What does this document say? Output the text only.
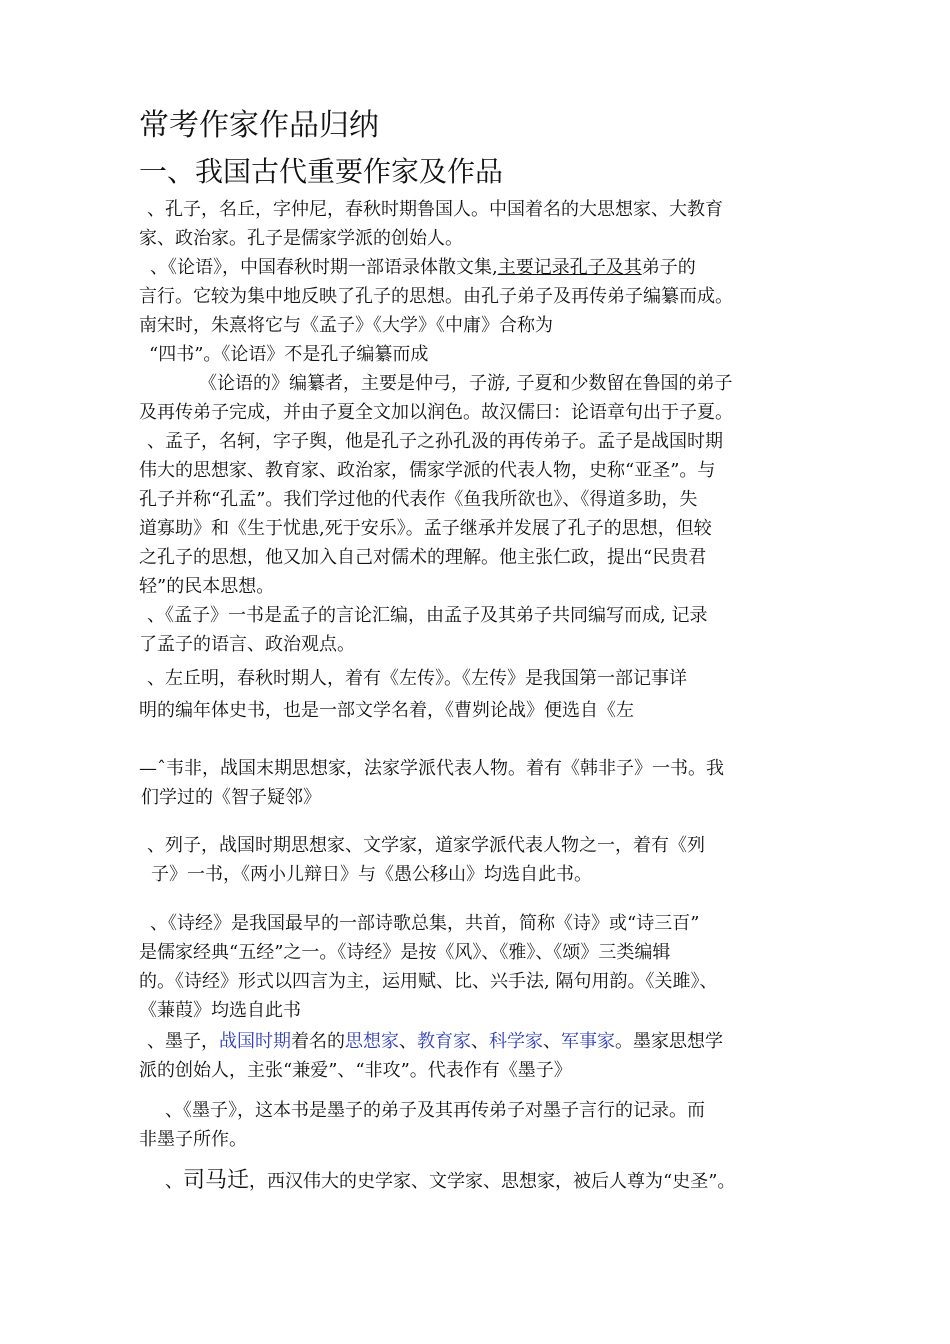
常考作家作品归纳
一、我国古代重要作家及作品
、孔子，名丘，字仲尼，春秋时期鲁国人。中国着名的大思想家、大教育
家、政治家。孔子是儒家学派的创始人。
、《论语》，中国春秋时期一部语录体散文集,主要记录孔子及其弟子的
言行。它较为集中地反映了孔子的思想。由孔子弟子及再传弟子编纂而成。
南宋时，朱熹将它与《孟子》《大学》《中庸》合称为
“四书”。《论语》不是孔子编纂而成
《论语的》编纂者，主要是仲弓，子游, 子夏和少数留在鲁国的弟子
及再传弟子完成，并由子夏全文加以润色。故汉儒曰：论语章句出于子夏。
、孟子，名轲，字子舆，他是孔子之孙孔汲的再传弟子。孟子是战国时期
伟大的思想家、教育家、政治家，儒家学派的代表人物，史称“亚圣”。与
孔子并称“孔孟”。我们学过他的代表作《鱼我所欲也》、《得道多助，失
道寡助》和《生于忧患,死于安乐》。孟子继承并发展了孔子的思想，但较
之孔子的思想，他又加入自己对儒术的理解。他主张仁政，提出“民贵君
轻”的民本思想。
、《孟子》一书是孟子的言论汇编，由孟子及其弟子共同编写而成, 记录
了孟子的语言、政治观点。
、左丘明，春秋时期人，着有《左传》。《左传》是我国第一部记事详
明的编年体史书，也是一部文学名着，《曹刿论战》便选自《左
—ˆ韦非，战国末期思想家，法家学派代表人物。着有《韩非子》一书。我
们学过的《智子疑邻》
、列子，战国时期思想家、文学家，道家学派代表人物之一，着有《列
子》一书，《两小儿辩日》与《愚公移山》均选自此书。
、《诗经》是我国最早的一部诗歌总集，共首，简称《诗》或“诗三百”
是儒家经典“五经”之一。《诗经》是按《风》、《雅》、《颂》三类编辑
的。《诗经》形式以四言为主，运用赋、比、兴手法, 隔句用韵。《关雎》、
《蒹葭》均选自此书
、墨子，战国时期着名的思想家、教育家、科学家、军事家。墨家思想学
派的创始人，主张“兼爱”、“非攻”。代表作有《墨子》
、《墨子》，这本书是墨子的弟子及其再传弟子对墨子言行的记录。而
非墨子所作。
、司马迁，西汉伟大的史学家、文学家、思想家，被后人尊为“史圣”。
